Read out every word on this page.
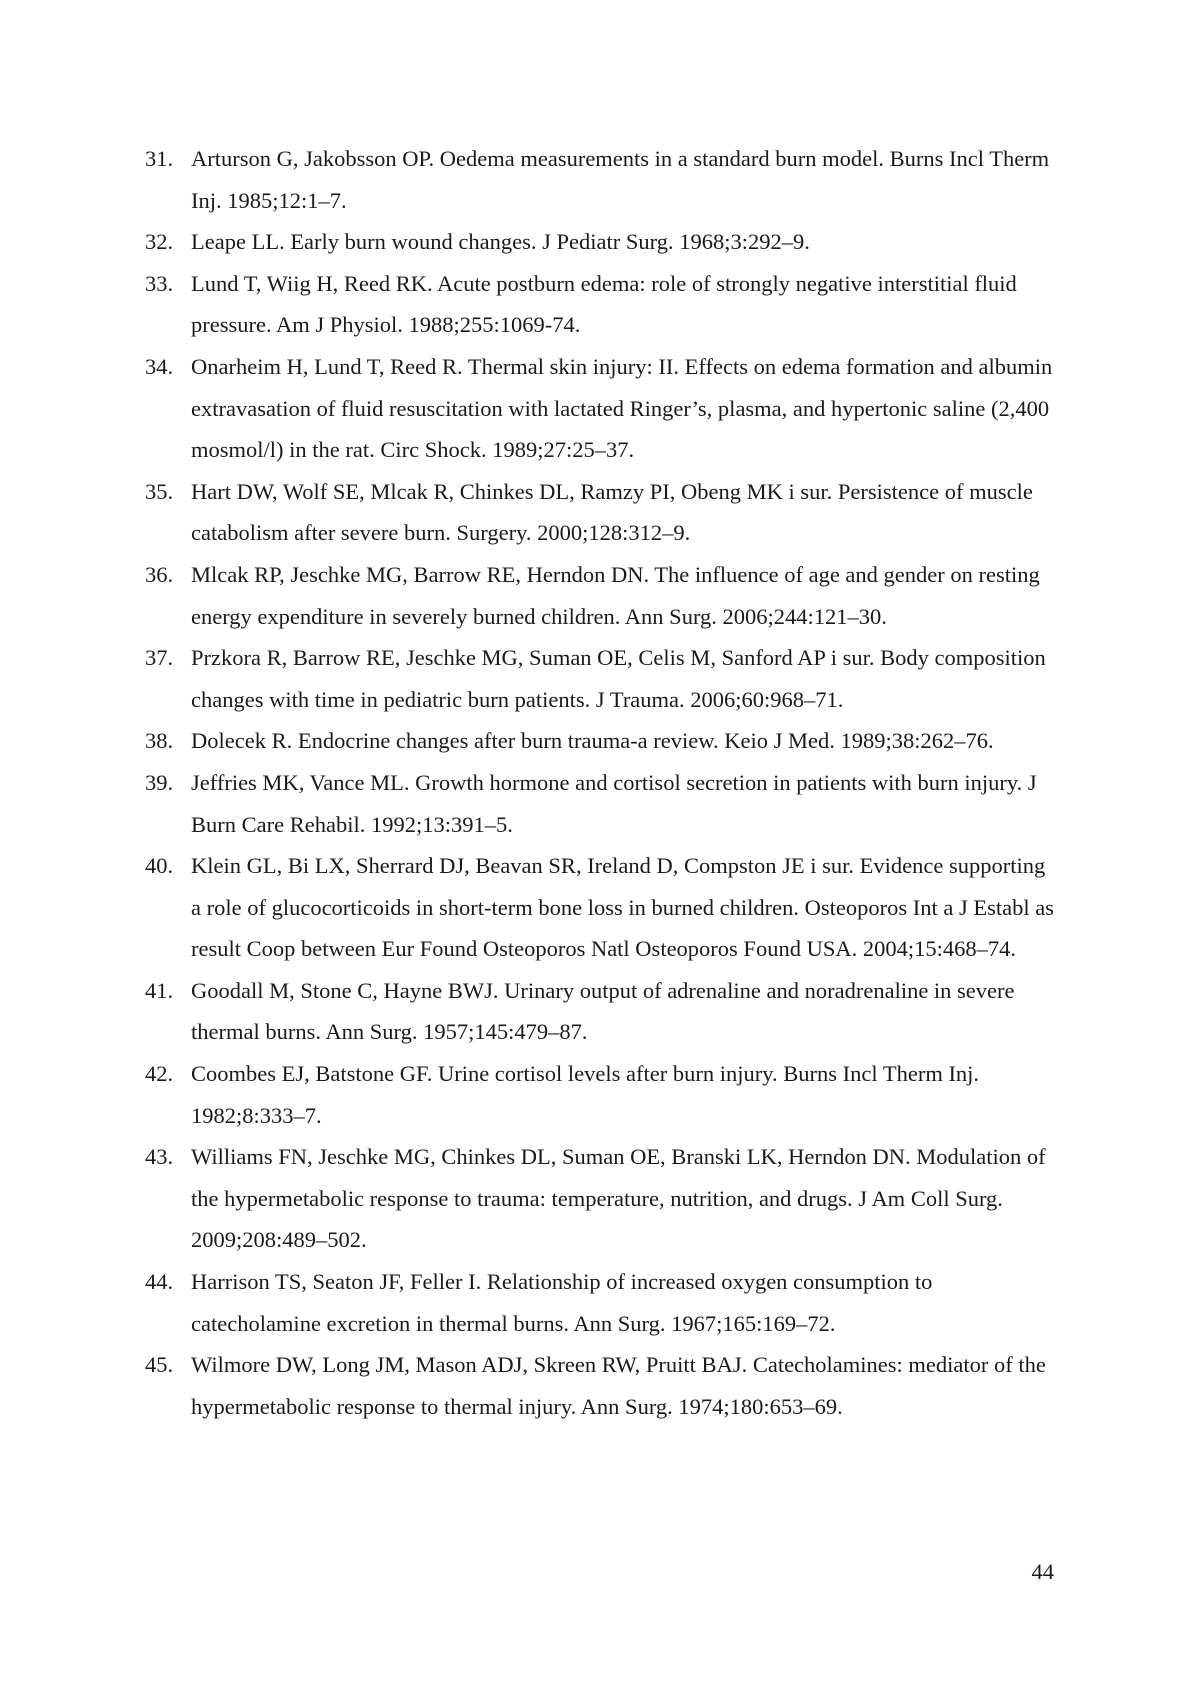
31. Arturson G, Jakobsson OP. Oedema measurements in a standard burn model. Burns Incl Therm Inj. 1985;12:1–7.
32. Leape LL. Early burn wound changes. J Pediatr Surg. 1968;3:292–9.
33. Lund T, Wiig H, Reed RK. Acute postburn edema: role of strongly negative interstitial fluid pressure. Am J Physiol. 1988;255:1069-74.
34. Onarheim H, Lund T, Reed R. Thermal skin injury: II. Effects on edema formation and albumin extravasation of fluid resuscitation with lactated Ringer’s, plasma, and hypertonic saline (2,400 mosmol/l) in the rat. Circ Shock. 1989;27:25–37.
35. Hart DW, Wolf SE, Mlcak R, Chinkes DL, Ramzy PI, Obeng MK i sur. Persistence of muscle catabolism after severe burn. Surgery. 2000;128:312–9.
36. Mlcak RP, Jeschke MG, Barrow RE, Herndon DN. The influence of age and gender on resting energy expenditure in severely burned children. Ann Surg. 2006;244:121–30.
37. Przkora R, Barrow RE, Jeschke MG, Suman OE, Celis M, Sanford AP i sur. Body composition changes with time in pediatric burn patients. J Trauma. 2006;60:968–71.
38. Dolecek R. Endocrine changes after burn trauma-a review. Keio J Med. 1989;38:262–76.
39. Jeffries MK, Vance ML. Growth hormone and cortisol secretion in patients with burn injury. J Burn Care Rehabil. 1992;13:391–5.
40. Klein GL, Bi LX, Sherrard DJ, Beavan SR, Ireland D, Compston JE i sur. Evidence supporting a role of glucocorticoids in short-term bone loss in burned children. Osteoporos Int a J Establ as result Coop between Eur Found Osteoporos Natl Osteoporos Found USA. 2004;15:468–74.
41. Goodall M, Stone C, Hayne BWJ. Urinary output of adrenaline and noradrenaline in severe thermal burns. Ann Surg. 1957;145:479–87.
42. Coombes EJ, Batstone GF. Urine cortisol levels after burn injury. Burns Incl Therm Inj. 1982;8:333–7.
43. Williams FN, Jeschke MG, Chinkes DL, Suman OE, Branski LK, Herndon DN. Modulation of the hypermetabolic response to trauma: temperature, nutrition, and drugs. J Am Coll Surg. 2009;208:489–502.
44. Harrison TS, Seaton JF, Feller I. Relationship of increased oxygen consumption to catecholamine excretion in thermal burns. Ann Surg. 1967;165:169–72.
45. Wilmore DW, Long JM, Mason ADJ, Skreen RW, Pruitt BAJ. Catecholamines: mediator of the hypermetabolic response to thermal injury. Ann Surg. 1974;180:653–69.
44
